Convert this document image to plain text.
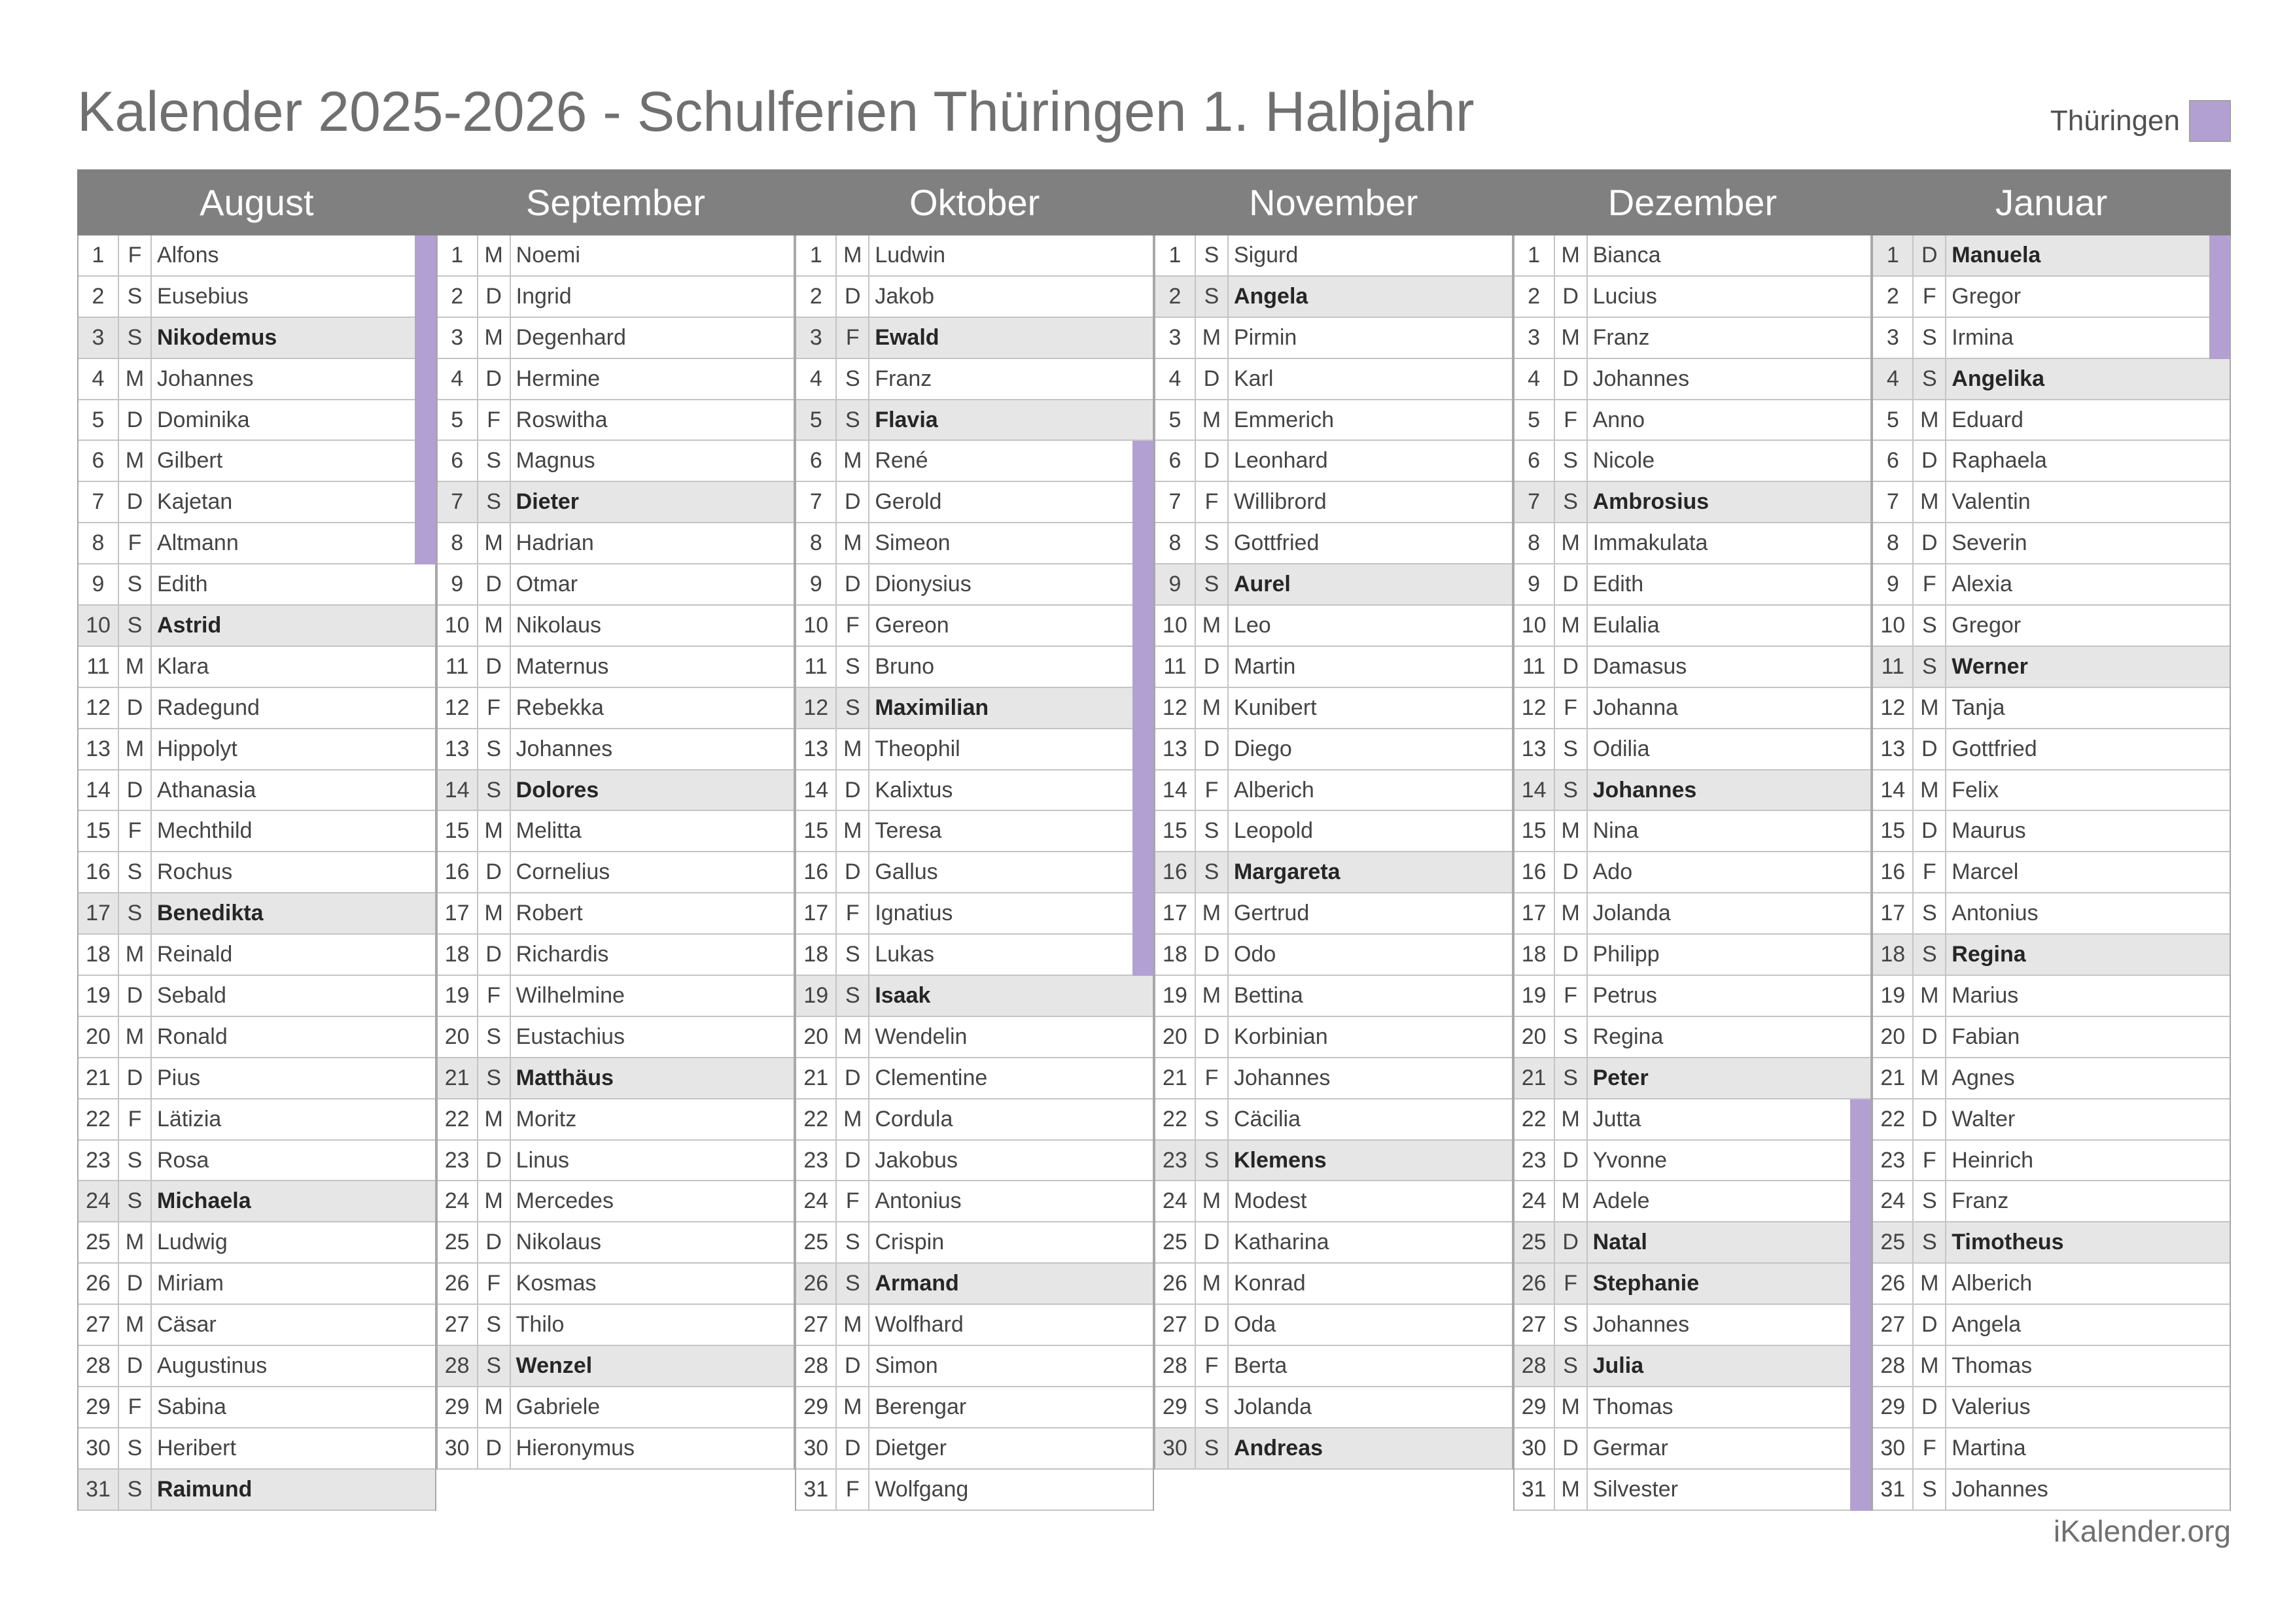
Kalender 2025-2026 - Schulferien Thüringen 1. Halbjahr	Thüringen
August
1	F Alfons
2	S Eusebius
3	S Nikodemus
4 M Johannes
5	D Dominika
6 M Gilbert
7	D Kajetan
8	F Altmann
9	S Edith
10 S Astrid
11 M Klara
12 D Radegund
13 M Hippolyt
14 D Athanasia
15 F Mechthild
16 S Rochus
17 S Benedikta
18 M Reinald
19 D Sebald
20 M Ronald
21 D Pius
22 F Lätizia
23 S Rosa
24 S Michaela
25 M Ludwig
26 D Miriam
27 M Cäsar
28 D Augustinus
29 F Sabina
30 S Heribert
31 S Raimund
September
1 M Noemi
2	D Ingrid
3 M Degenhard
4	D Hermine
5	F Roswitha
6	S Magnus
7	S Dieter
8 M Hadrian
9	D Otmar
10 M Nikolaus
11 D Maternus
12 F Rebekka
13 S Johannes
14 S Dolores
15 M Melitta
16 D Cornelius
17 M Robert
18 D Richardis
19 F Wilhelmine
20 S Eustachius
21 S Matthäus
22 M Moritz
23 D Linus
24 M Mercedes
25 D Nikolaus
26 F Kosmas
27 S Thilo
28 S Wenzel
29 M Gabriele
30 D Hieronymus
Oktober
1 M Ludwin
2	D Jakob
3	F Ewald
4	S Franz
5	S Flavia
6 M René
7	D Gerold
8 M Simeon
9	D Dionysius
10 F Gereon
11 S Bruno
12 S Maximilian
13 M Theophil
14 D Kalixtus
15 M Teresa
16 D Gallus
17 F Ignatius
18 S Lukas
19 S Isaak
20 M Wendelin
21 D Clementine
22 M Cordula
23 D Jakobus
24 F Antonius
25 S Crispin
26 S Armand
27 M Wolfhard
28 D Simon
29 M Berengar
30 D Dietger
31 F Wolfgang
November
1	S Sigurd
2	S Angela
3 M Pirmin
4	D Karl
5 M Emmerich
6	D Leonhard
7	F Willibrord
8	S Gottfried
9	S Aurel
10 M Leo
11 D Martin
12 M Kunibert
13 D Diego
14 F Alberich
15 S Leopold
16 S Margareta
17 M Gertrud
18 D Odo
19 M Bettina
20 D Korbinian
21 F Johannes
22 S Cäcilia
23 S Klemens
24 M Modest
25 D Katharina
26 M Konrad
27 D Oda
28 F Berta
29 S Jolanda
30 S Andreas
Dezember
1 M Bianca
2	D Lucius
3 M Franz
4	D Johannes
5	F Anno
6	S Nicole
7	S Ambrosius
8 M Immakulata
9	D Edith
10 M Eulalia
11 D Damasus
12 F Johanna
13 S Odilia
14 S Johannes
15 M Nina
16 D Ado
17 M Jolanda
18 D Philipp
19 F Petrus
20 S Regina
21 S Peter
22 M Jutta
23 D Yvonne
24 M Adele
25 D Natal
26 F Stephanie
27 S Johannes
28 S Julia
29 M Thomas
30 D Germar
31 M Silvester
Januar
1	D Manuela
2	F Gregor
3	S Irmina
4	S Angelika
5 M Eduard
6	D Raphaela
7 M Valentin
8	D Severin
9	F Alexia
10 S Gregor
11 S Werner
12 M Tanja
13 D Gottfried
14 M Felix
15 D Maurus
16 F Marcel
17 S Antonius
18 S Regina
19 M Marius
20 D Fabian
21 M Agnes
22 D Walter
23 F Heinrich
24 S Franz
25 S Timotheus
26 M Alberich
27 D Angela
28 M Thomas
29 D Valerius
30 F Martina
31 S Johannes
iKalender.org
